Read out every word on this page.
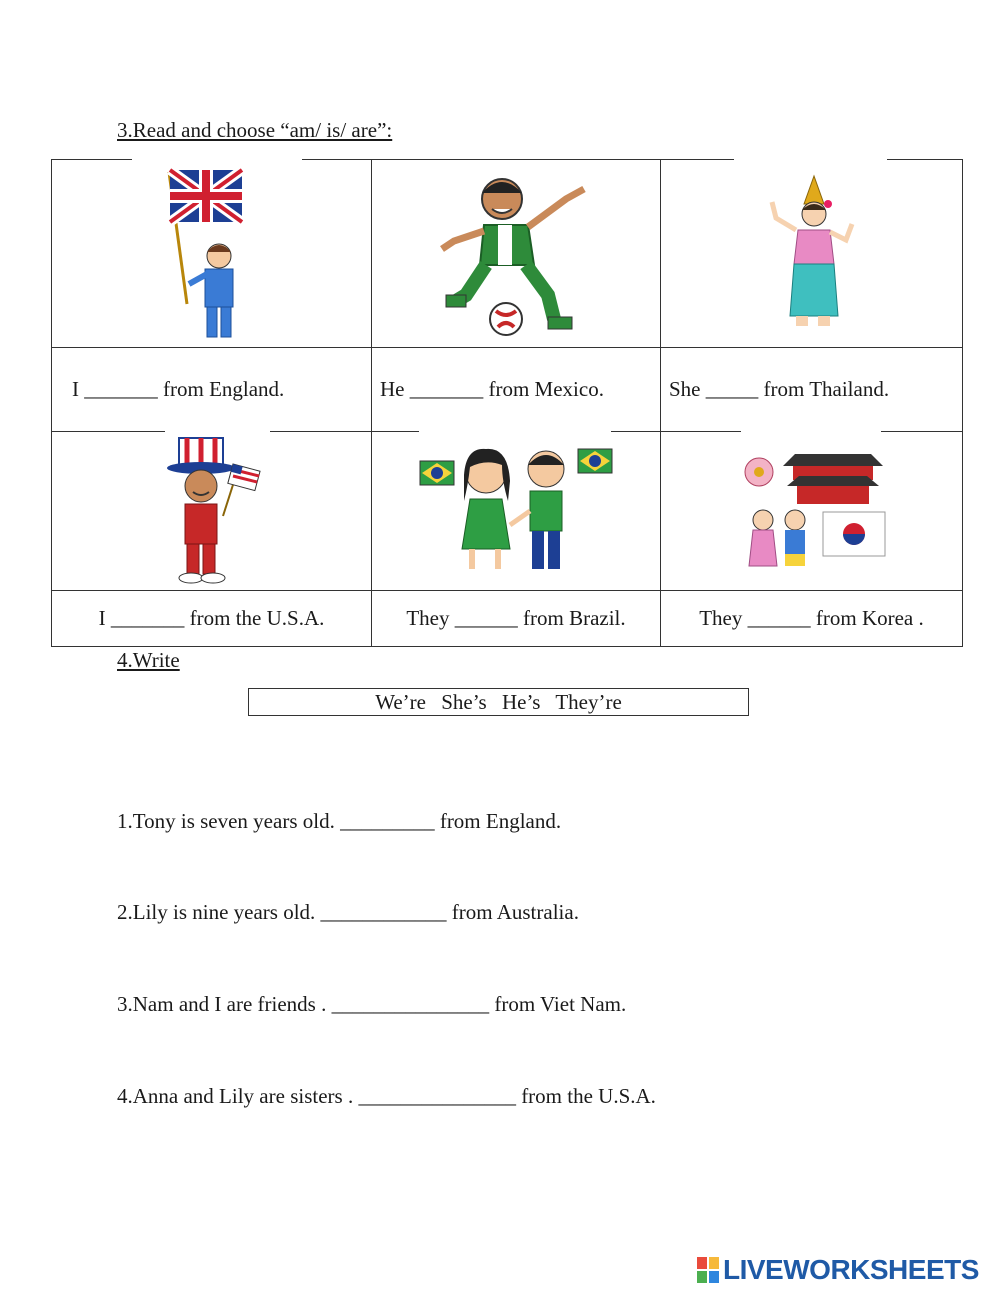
3.Read and choose “am/ is/ are”:

I _______ from England.	He _______ from Mexico.	She _____ from Thailand.

I _______ from the U.S.A.	They ______ from Brazil.	They ______ from Korea .
4.Write
We’re She’s He’s They’re
1.Tony is seven years old. _________ from England.
2.Lily is nine years old. ____________ from Australia.
3.Nam and I are friends . _______________ from Viet Nam.
4.Anna and Lily are sisters . _______________ from the U.S.A.
LIVEWORKSHEETS
